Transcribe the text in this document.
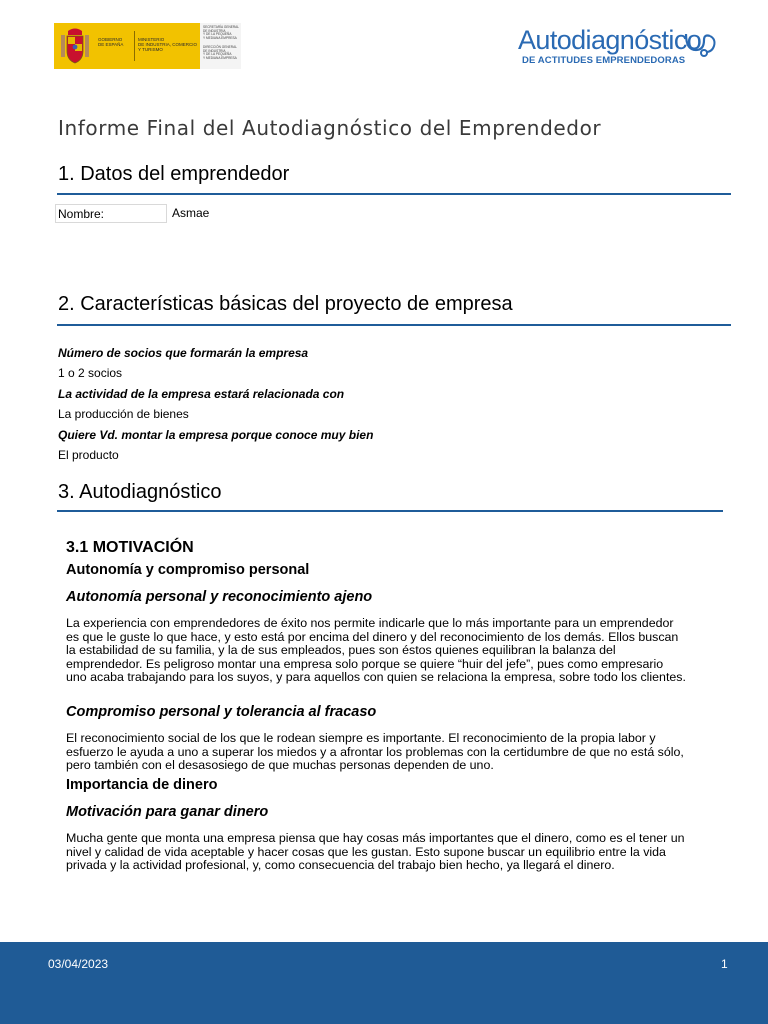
GOBIERNO
DE ESPAÑA
MINISTERIO
DE INDUSTRIA, COMERCIO
Y TURISMO
SECRETARÍA GENERAL
DE INDUSTRIA
Y DE LA PEQUEÑA
Y MEDIANA EMPRESA
DIRECCIÓN GENERAL
DE INDUSTRIA
Y DE LA PEQUEÑA
Y MEDIANA EMPRESA
Autodiagnóstico
DE ACTITUDES EMPRENDEDORAS
Informe Final del Autodiagnóstico del Emprendedor
1. Datos del emprendedor
Nombre:	Asmae
2. Características básicas del proyecto de empresa
Número de socios que formarán la empresa
1 o 2 socios
La actividad de la empresa estará relacionada con
La producción de bienes
Quiere Vd. montar la empresa porque conoce muy bien
El producto
3. Autodiagnóstico
3.1 MOTIVACIÓN
Autonomía y compromiso personal
Autonomía personal y reconocimiento ajeno

La experiencia con emprendedores de éxito nos permite indicarle que lo más importante para un emprendedor es que le guste lo que hace, y esto está por encima del dinero y del reconocimiento de los demás. Ellos buscan la estabilidad de su familia, y la de sus empleados, pues son éstos quienes equilibran la balanza del emprendedor. Es peligroso montar una empresa solo porque se quiere “huir del jefe”, pues como empresario uno acaba trabajando para los suyos, y para aquellos con quien se relaciona la empresa, sobre todo los clientes.

Compromiso personal y tolerancia al fracaso

El reconocimiento social de los que le rodean siempre es importante. El reconocimiento de la propia labor y esfuerzo le ayuda a uno a superar los miedos y a afrontar los problemas con la certidumbre de que no está sólo, pero también con el desasosiego de que muchas personas dependen de uno.

Importancia de dinero
Motivación para ganar dinero

Mucha gente que monta una empresa piensa que hay cosas más importantes que el dinero, como es el tener un nivel y calidad de vida aceptable y hacer cosas que les gustan. Esto supone buscar un equilibrio entre la vida privada y la actividad profesional, y, como consecuencia del trabajo bien hecho, ya llegará el dinero.

03/04/2023	1
